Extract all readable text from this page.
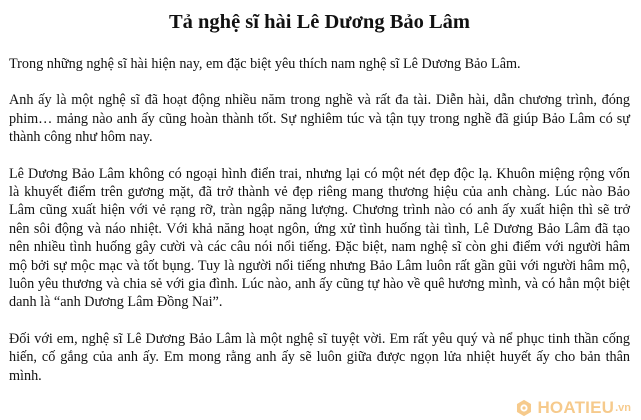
Tả nghệ sĩ hài Lê Dương Bảo Lâm

Trong những nghệ sĩ hài hiện nay, em đặc biệt yêu thích nam nghệ sĩ Lê Dương Bảo Lâm.

Anh ấy là một nghệ sĩ đã hoạt động nhiều năm trong nghề và rất đa tài. Diễn hài, dẫn chương trình, đóng phim… mảng nào anh ấy cũng hoàn thành tốt. Sự nghiêm túc và tận tụy trong nghề đã giúp Bảo Lâm có sự thành công như hôm nay.

Lê Dương Bảo Lâm không có ngoại hình điển trai, nhưng lại có một nét đẹp độc lạ. Khuôn miệng rộng vốn là khuyết điểm trên gương mặt, đã trở thành vẻ đẹp riêng mang thương hiệu của anh chàng. Lúc nào Bảo Lâm cũng xuất hiện với vẻ rạng rỡ, tràn ngập năng lượng. Chương trình nào có anh ấy xuất hiện thì sẽ trở nên sôi động và náo nhiệt. Với khả năng hoạt ngôn, ứng xử tình huống tài tình, Lê Dương Bảo Lâm đã tạo nên nhiều tình huống gây cười và các câu nói nổi tiếng. Đặc biệt, nam nghệ sĩ còn ghi điểm với người hâm mộ bởi sự mộc mạc và tốt bụng. Tuy là người nổi tiếng nhưng Bảo Lâm luôn rất gần gũi với người hâm mộ, luôn yêu thương và chia sẻ với gia đình. Lúc nào, anh ấy cũng tự hào về quê hương mình, và có hẳn một biệt danh là “anh Dương Lâm Đồng Nai”.

Đối với em, nghệ sĩ Lê Dương Bảo Lâm là một nghệ sĩ tuyệt vời. Em rất yêu quý và nể phục tinh thần cống hiến, cố gắng của anh ấy. Em mong rằng anh ấy sẽ luôn giữa được ngọn lửa nhiệt huyết ấy cho bản thân mình.

HOATIEU .vn
